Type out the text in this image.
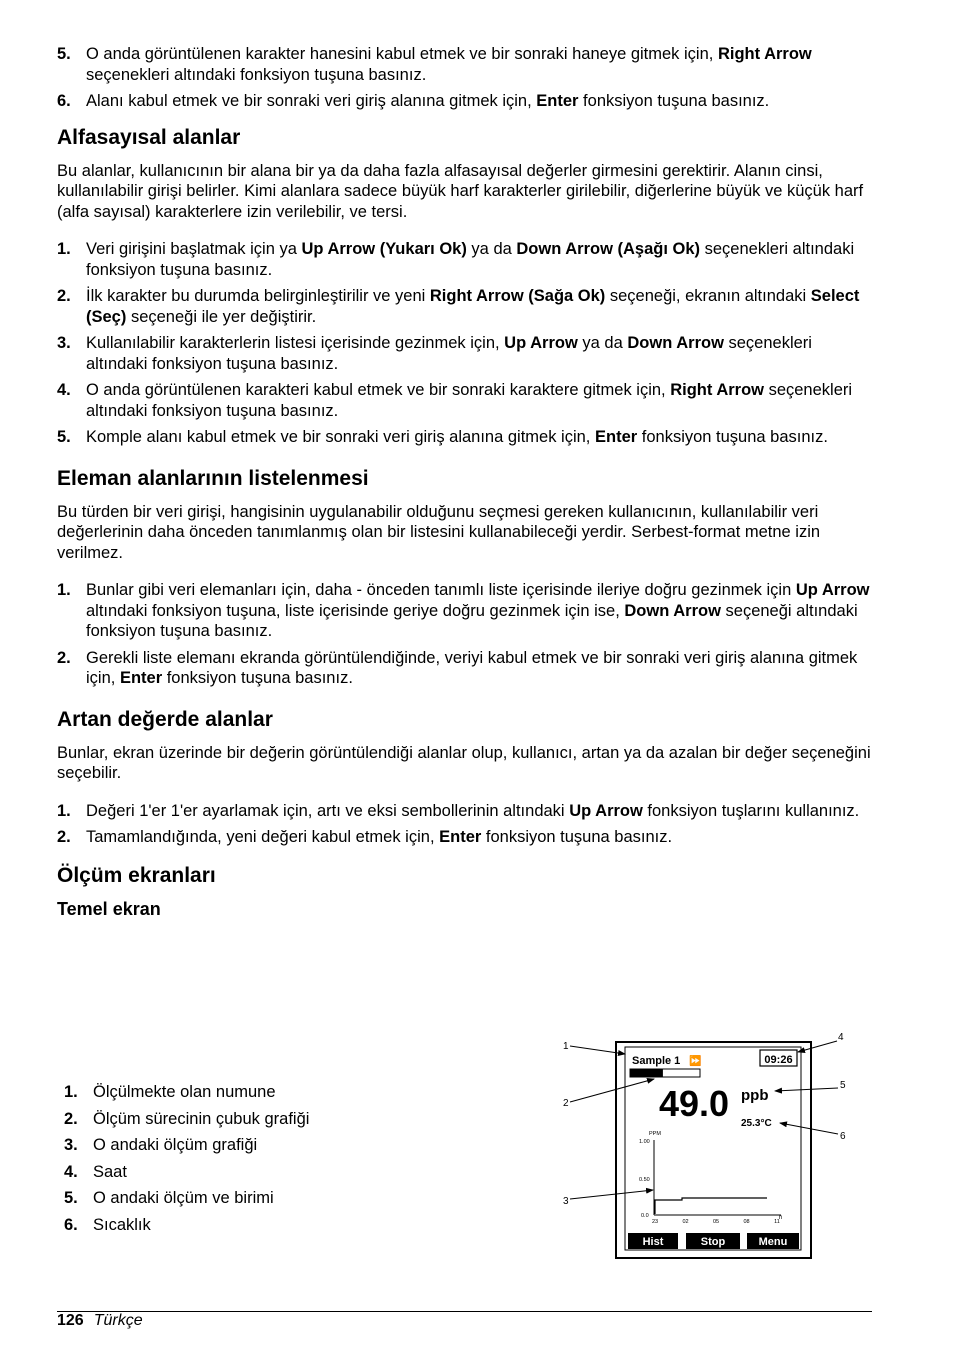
5. O anda görüntülenen karakter hanesini kabul etmek ve bir sonraki haneye gitmek için, Right Arrow seçenekleri altındaki fonksiyon tuşuna basınız.
6. Alanı kabul etmek ve bir sonraki veri giriş alanına gitmek için, Enter fonksiyon tuşuna basınız.
Alfasayısal alanlar

Bu alanlar, kullanıcının bir alana bir ya da daha fazla alfasayısal değerler girmesini gerektirir. Alanın cinsi, kullanılabilir girişi belirler. Kimi alanlara sadece büyük harf karakterler girilebilir, diğerlerine büyük ve küçük harf (alfa sayısal) karakterlere izin verilebilir, ve tersi.

1. Veri girişini başlatmak için ya Up Arrow (Yukarı Ok) ya da Down Arrow (Aşağı Ok) seçenekleri altındaki fonksiyon tuşuna basınız.
2. İlk karakter bu durumda belirginleştirilir ve yeni Right Arrow (Sağa Ok) seçeneği, ekranın altındaki Select (Seç) seçeneği ile yer değiştirir.
3. Kullanılabilir karakterlerin listesi içerisinde gezinmek için, Up Arrow ya da Down Arrow seçenekleri altındaki fonksiyon tuşuna basınız.
4. O anda görüntülenen karakteri kabul etmek ve bir sonraki karaktere gitmek için, Right Arrow seçenekleri altındaki fonksiyon tuşuna basınız.
5. Komple alanı kabul etmek ve bir sonraki veri giriş alanına gitmek için, Enter fonksiyon tuşuna basınız.
Eleman alanlarının listelenmesi

Bu türden bir veri girişi, hangisinin uygulanabilir olduğunu seçmesi gereken kullanıcının, kullanılabilir veri değerlerinin daha önceden tanımlanmış olan bir listesini kullanabileceği yerdir. Serbest-format metne izin verilmez.

1. Bunlar gibi veri elemanları için, daha - önceden tanımlı liste içerisinde ileriye doğru gezinmek için Up Arrow altındaki fonksiyon tuşuna, liste içerisinde geriye doğru gezinmek için ise, Down Arrow seçeneği altındaki fonksiyon tuşuna basınız.
2. Gerekli liste elemanı ekranda görüntülendiğinde, veriyi kabul etmek ve bir sonraki veri giriş alanına gitmek için, Enter fonksiyon tuşuna basınız.
Artan değerde alanlar

Bunlar, ekran üzerinde bir değerin görüntülendiği alanlar olup, kullanıcı, artan ya da azalan bir değer seçeneğini seçebilir.

1. Değeri 1'er 1'er ayarlamak için, artı ve eksi sembollerinin altındaki Up Arrow fonksiyon tuşlarını kullanınız.
2. Tamamlandığında, yeni değeri kabul etmek için, Enter fonksiyon tuşuna basınız.
Ölçüm ekranları
Temel ekran
1. Ölçülmekte olan numune
2. Ölçüm sürecinin çubuk grafiği
3. O andaki ölçüm grafiği
4. Saat
5. O andaki ölçüm ve birimi
6. Sıcaklık
Sample 1 ⏩	09:26
49.0 ppb
25.3°C
PPM
1.00
0.50
0.0
23	02	05	08	11
h
Hist	Stop	Menu
1
2
3
4
5
6
126 Türkçe
